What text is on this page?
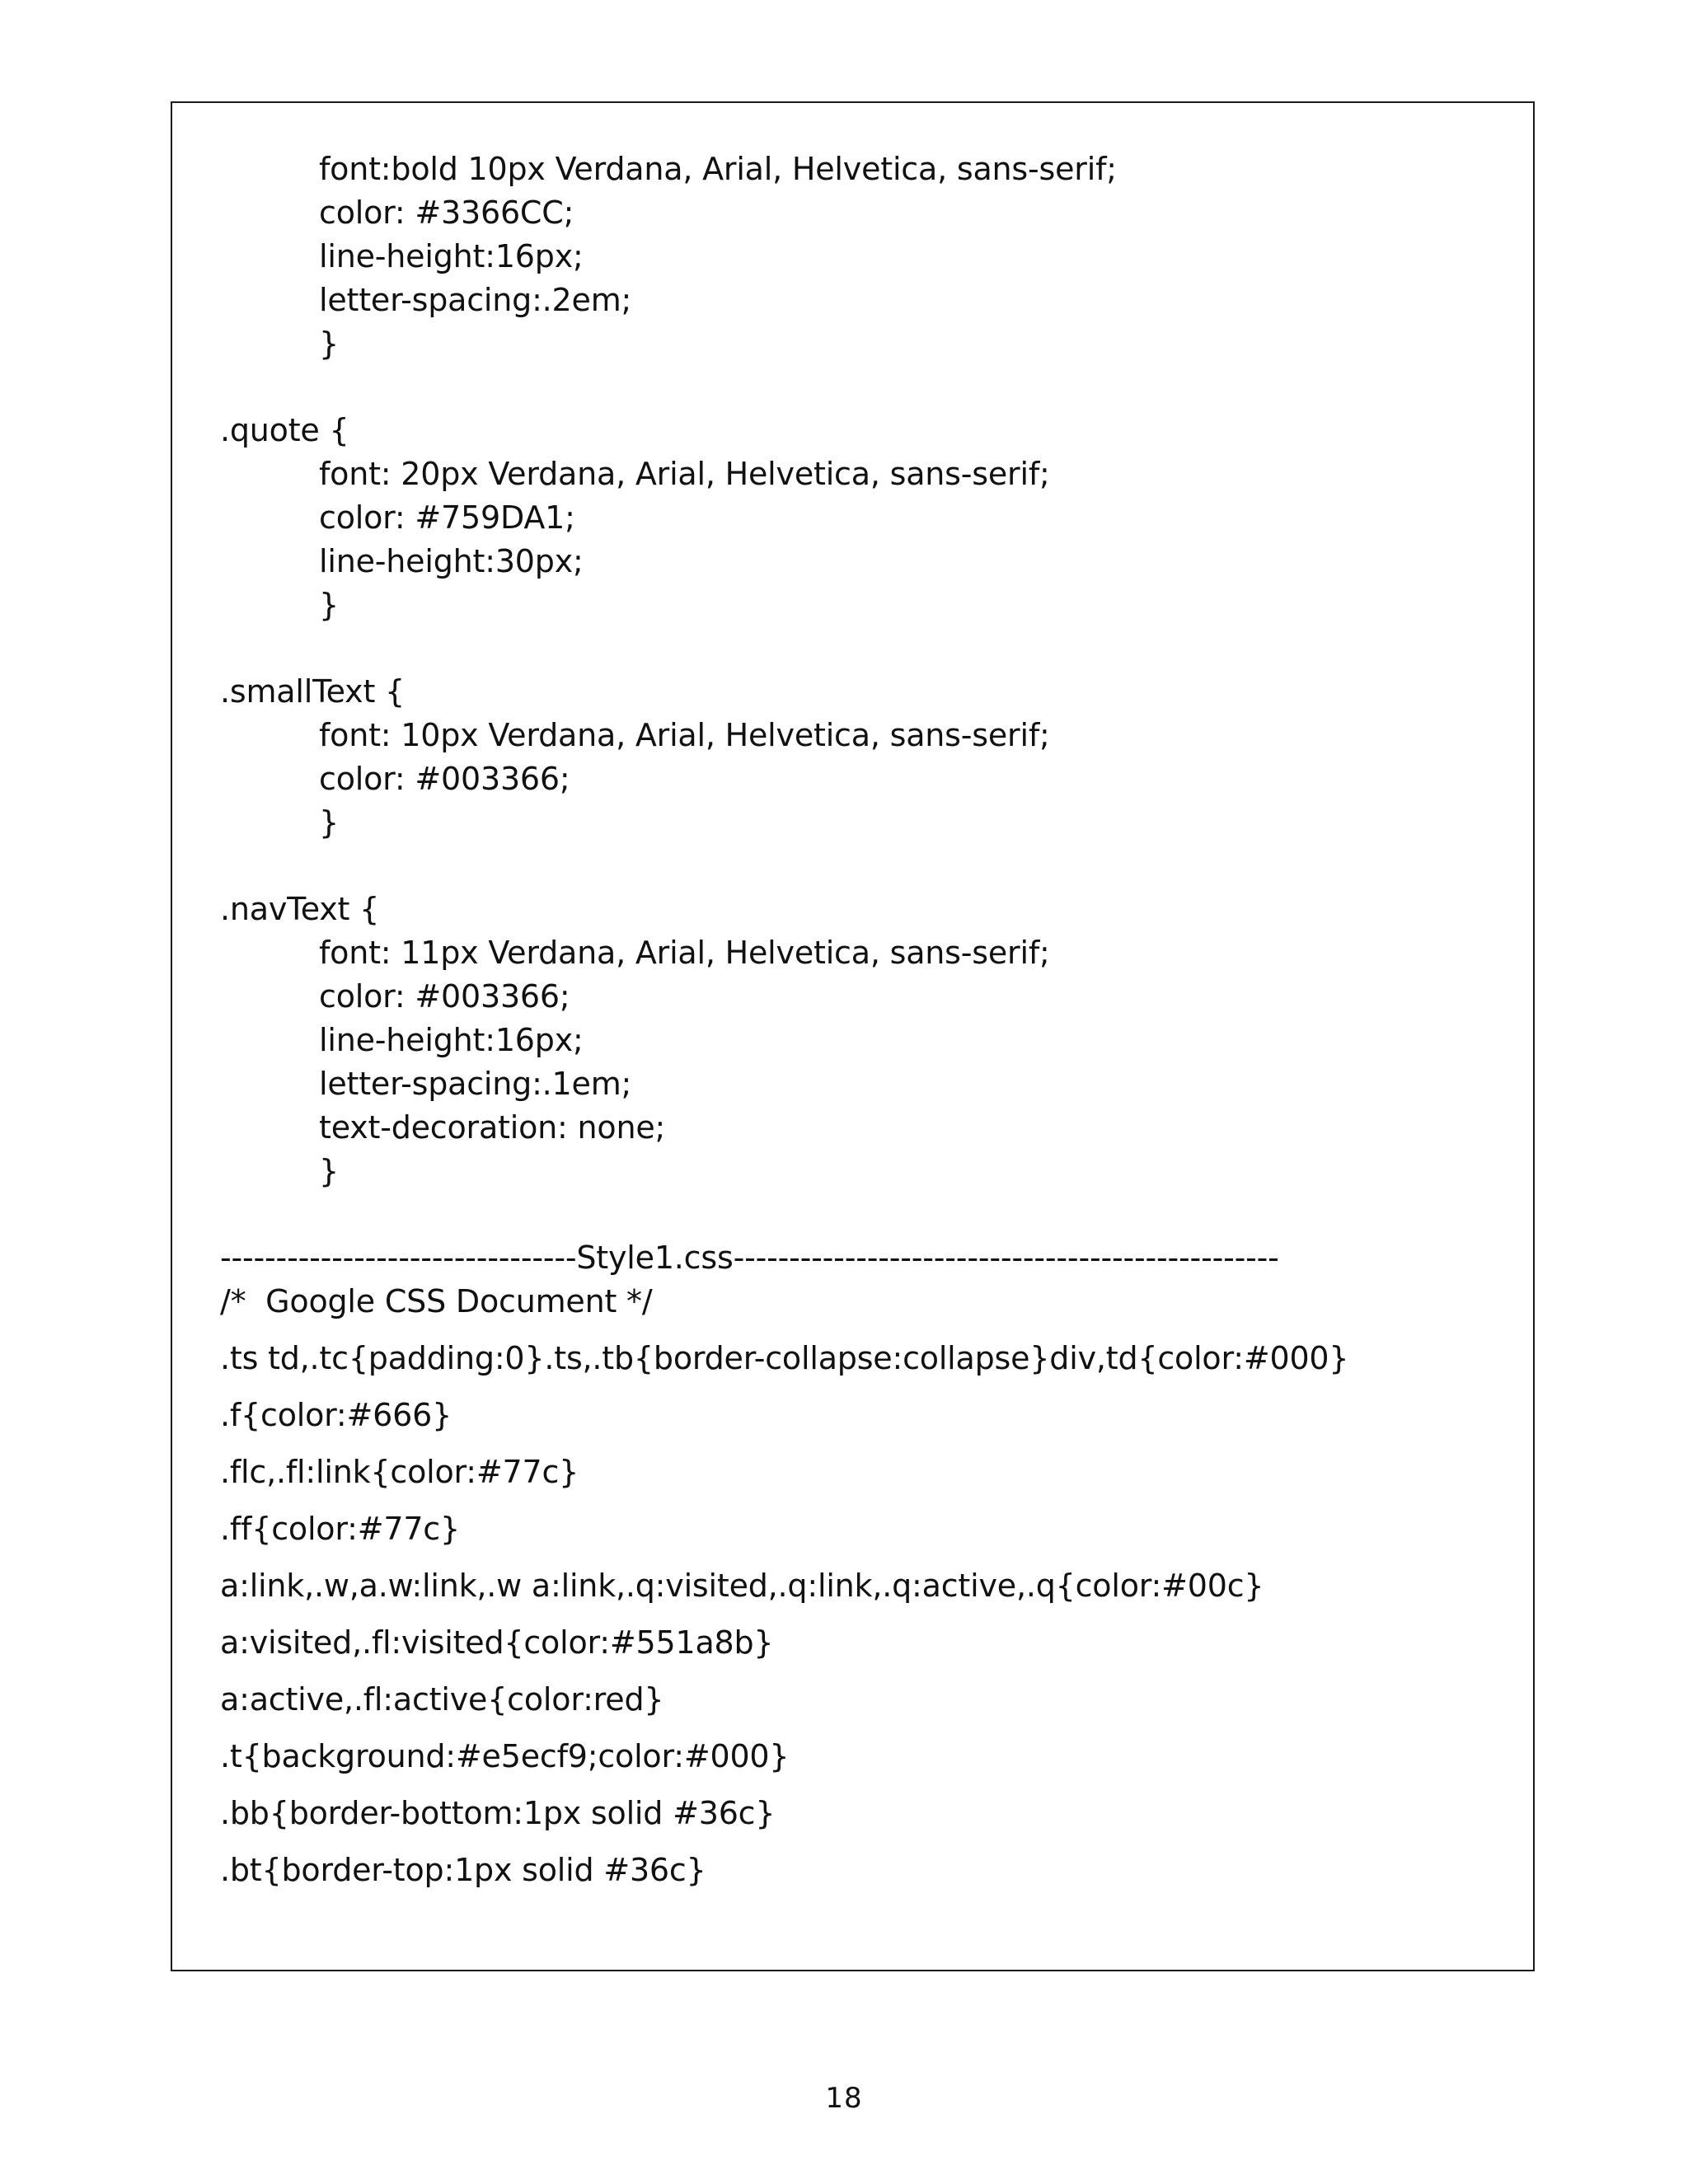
font:bold 10px Verdana, Arial, Helvetica, sans-serif;
color: #3366CC;
line-height:16px;
letter-spacing:.2em;
}
.quote {
font: 20px Verdana, Arial, Helvetica, sans-serif;
color: #759DA1;
line-height:30px;
}
.smallText {
font: 10px Verdana, Arial, Helvetica, sans-serif;
color: #003366;
}
.navText {
font: 11px Verdana, Arial, Helvetica, sans-serif;
color: #003366;
line-height:16px;
letter-spacing:.1em;
text-decoration: none;
}
--------------------------------Style1.css-------------------------------------------------
/*  Google CSS Document */
.ts td,.tc{padding:0}.ts,.tb{border-collapse:collapse}div,td{color:#000}
.f{color:#666}
.flc,.fl:link{color:#77c}
.ff{color:#77c}
a:link,.w,a.w:link,.w a:link,.q:visited,.q:link,.q:active,.q{color:#00c}
a:visited,.fl:visited{color:#551a8b}
a:active,.fl:active{color:red}
.t{background:#e5ecf9;color:#000}
.bb{border-bottom:1px solid #36c}
.bt{border-top:1px solid #36c}
18
